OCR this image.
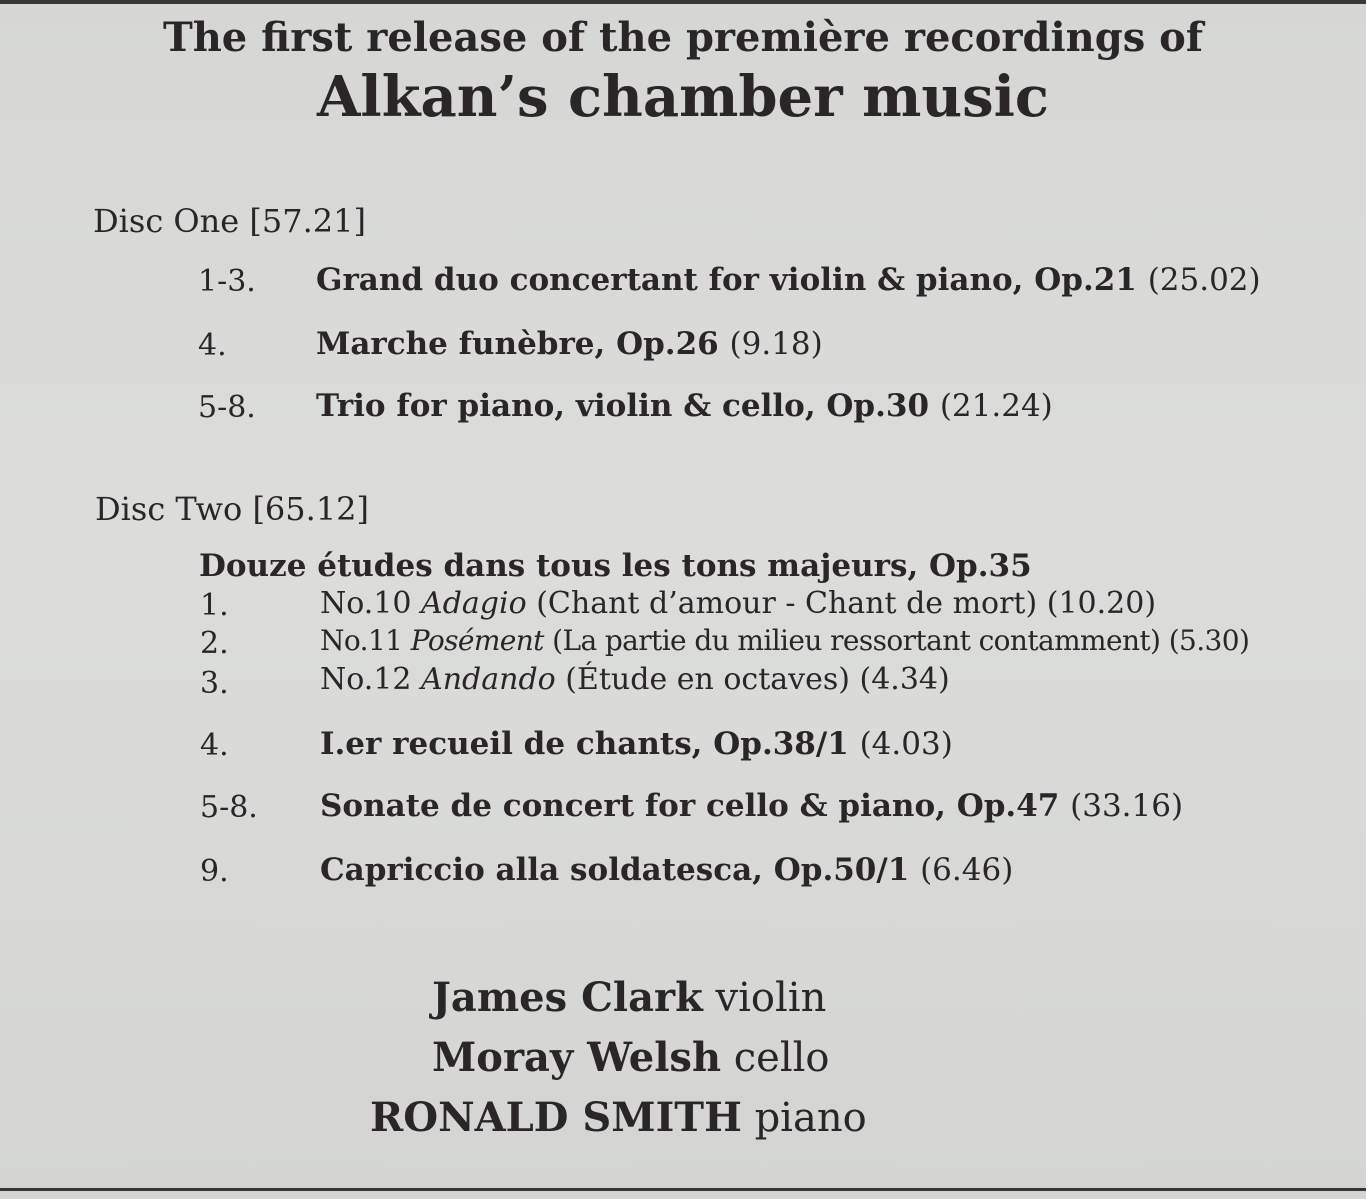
The first release of the première recordings of
Alkan’s chamber music
Disc One [57.21]
1-3. Grand duo concertant for violin & piano, Op.21 (25.02)
4.	Marche funèbre, Op.26 (9.18)
5-8. Trio for piano, violin & cello, Op.30 (21.24)
Disc Two [65.12]
Douze études dans tous les tons majeurs, Op.35
1.	No.10 Adagio (Chant d’amour - Chant de mort) (10.20)
2.	No.11 Posément (La partie du milieu ressortant contamment) (5.30)
3.	No.12 Andando (Étude en octaves) (4.34)
4.	I.er recueil de chants, Op.38/1 (4.03)
5-8. Sonate de concert for cello & piano, Op.47 (33.16)
9.	Capriccio alla soldatesca, Op.50/1 (6.46)
James Clark violin
Moray Welsh cello
RONALD SMITH piano
